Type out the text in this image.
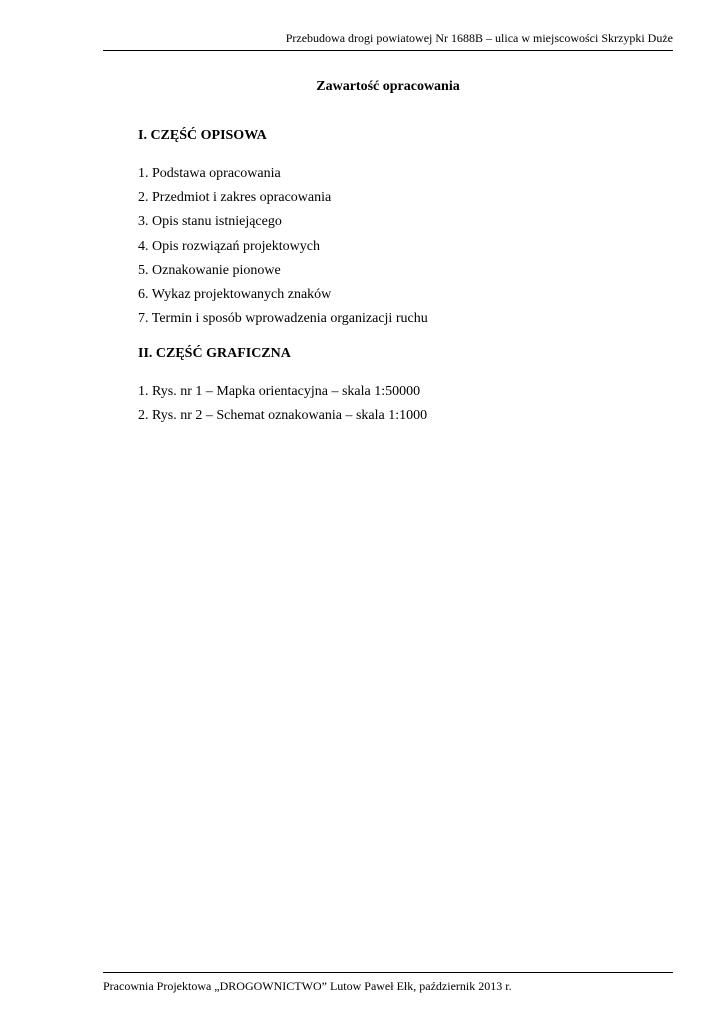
Przebudowa drogi powiatowej Nr 1688B – ulica w miejscowości Skrzypki Duże
Zawartość opracowania
I. CZĘŚĆ OPISOWA
1. Podstawa opracowania
2. Przedmiot i zakres opracowania
3. Opis stanu istniejącego
4. Opis rozwiązań projektowych
5. Oznakowanie pionowe
6. Wykaz projektowanych znaków
7. Termin i sposób wprowadzenia organizacji ruchu
II. CZĘŚĆ GRAFICZNA
1. Rys. nr 1 – Mapka orientacyjna – skala 1:50000
2. Rys. nr 2 – Schemat oznakowania – skala 1:1000
Pracownia Projektowa „DROGOWNICTWO” Lutow Paweł Ełk, październik 2013 r.
